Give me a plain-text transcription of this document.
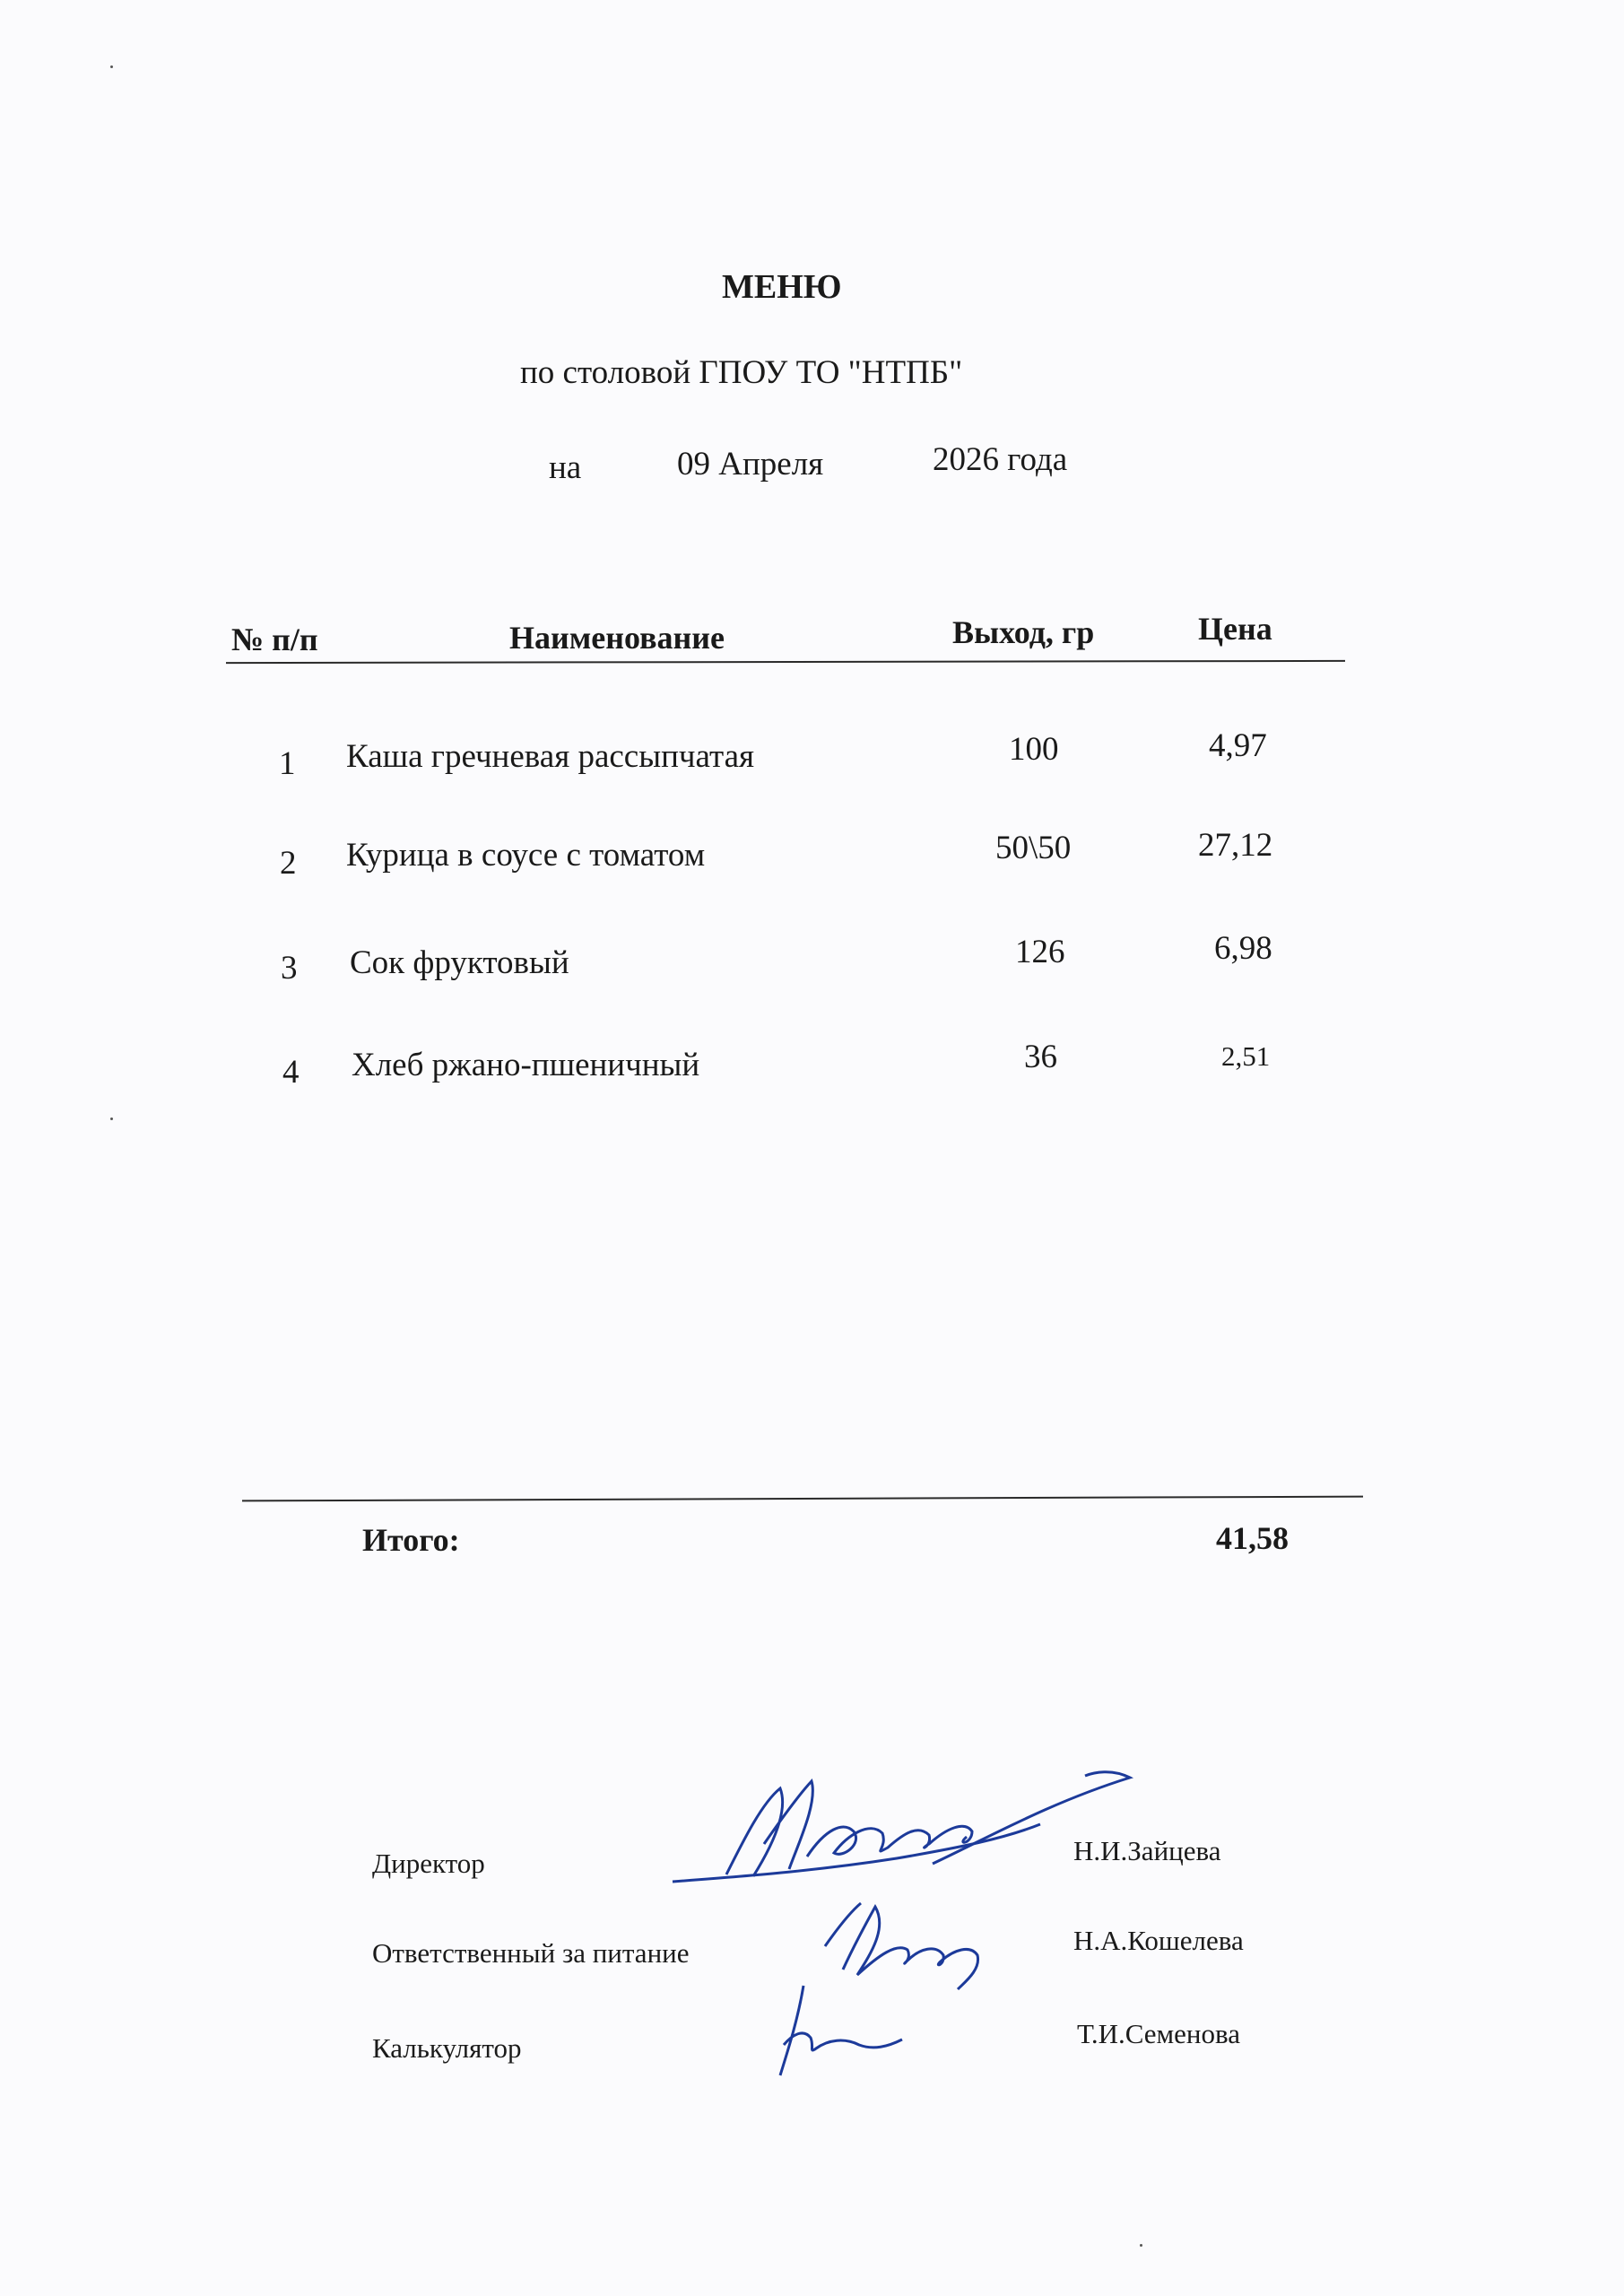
МЕНЮ
по столовой ГПОУ ТО "НТПБ"
на	09 Апреля	2026 года
№ п/п	Наименование	Выход, гр	Цена
1 Каша гречневая рассыпчатая	100	4,97
2 Курица в соусе с томатом	50\50	27,12
3 Сок фруктовый	126	6,98
4 Хлеб ржано-пшеничный	36	2,51
Итого:	41,58
Директор	Н.И.Зайцева
Ответственный за питание	Н.А.Кошелева
Калькулятор	Т.И.Семенова
